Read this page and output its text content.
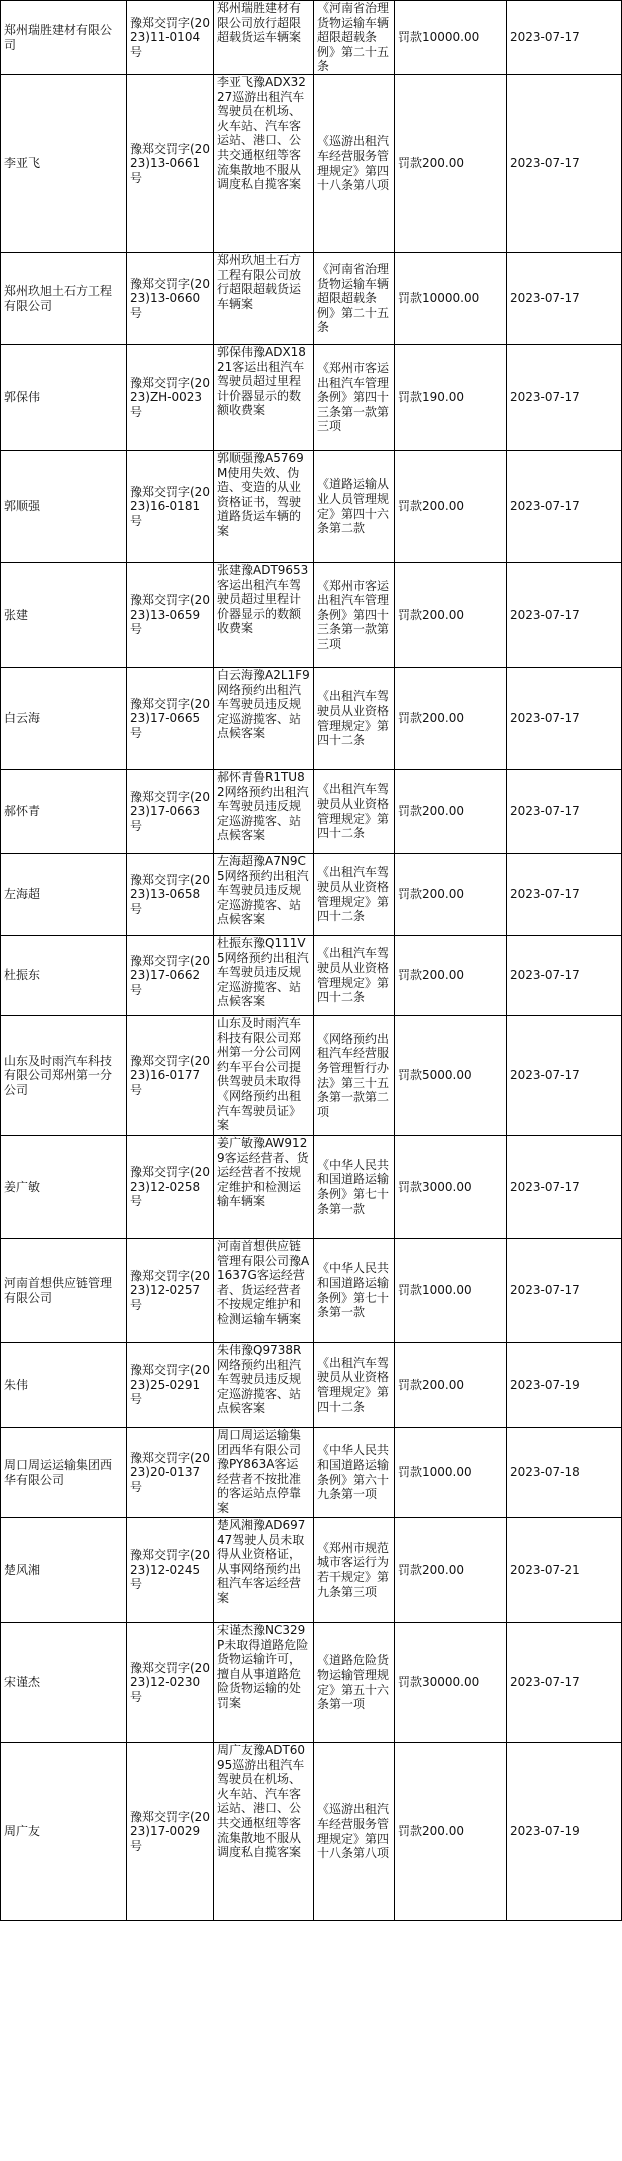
郑州瑞胜建材有限公司	豫郑交罚字(2023)11-0104号	郑州瑞胜建材有限公司放行超限超载货运车辆案	《河南省治理货物运输车辆超限超载条例》第二十五条	罚款10000.00	2023-07-17
李亚飞	豫郑交罚字(2023)13-0661号	李亚飞豫ADX3227巡游出租汽车驾驶员在机场、火车站、汽车客运站、港口、公共交通枢纽等客流集散地不服从调度私自揽客案	《巡游出租汽车经营服务管理规定》第四十八条第八项	罚款200.00	2023-07-17
郑州玖旭土石方工程有限公司	豫郑交罚字(2023)13-0660号	郑州玖旭土石方工程有限公司放行超限超载货运车辆案	《河南省治理货物运输车辆超限超载条例》第二十五条	罚款10000.00	2023-07-17
郭保伟	豫郑交罚字(2023)ZH-0023号	郭保伟豫ADX1821客运出租汽车驾驶员超过里程计价器显示的数额收费案	《郑州市客运出租汽车管理条例》第四十三条第一款第三项	罚款190.00	2023-07-17
郭顺强	豫郑交罚字(2023)16-0181号	郭顺强豫A5769M使用失效、伪造、变造的从业资格证书，驾驶道路货运车辆的案	《道路运输从业人员管理规定》第四十六条第二款	罚款200.00	2023-07-17
张建	豫郑交罚字(2023)13-0659号	张建豫ADT9653客运出租汽车驾驶员超过里程计价器显示的数额收费案	《郑州市客运出租汽车管理条例》第四十三条第一款第三项	罚款200.00	2023-07-17
白云海	豫郑交罚字(2023)17-0665号	白云海豫A2L1F9网络预约出租汽车驾驶员违反规定巡游揽客、站点候客案	《出租汽车驾驶员从业资格管理规定》第四十二条	罚款200.00	2023-07-17
郝怀青	豫郑交罚字(2023)17-0663号	郝怀青鲁R1TU82网络预约出租汽车驾驶员违反规定巡游揽客、站点候客案	《出租汽车驾驶员从业资格管理规定》第四十二条	罚款200.00	2023-07-17
左海超	豫郑交罚字(2023)13-0658号	左海超豫A7N9C5网络预约出租汽车驾驶员违反规定巡游揽客、站点候客案	《出租汽车驾驶员从业资格管理规定》第四十二条	罚款200.00	2023-07-17
杜振东	豫郑交罚字(2023)17-0662号	杜振东豫Q111V5网络预约出租汽车驾驶员违反规定巡游揽客、站点候客案	《出租汽车驾驶员从业资格管理规定》第四十二条	罚款200.00	2023-07-17
山东及时雨汽车科技有限公司郑州第一分公司	豫郑交罚字(2023)16-0177号	山东及时雨汽车科技有限公司郑州第一分公司网约车平台公司提供驾驶员未取得《网络预约出租汽车驾驶员证》案	《网络预约出租汽车经营服务管理暂行办法》第三十五条第一款第二项	罚款5000.00	2023-07-17
姜广敏	豫郑交罚字(2023)12-0258号	姜广敏豫AW9129客运经营者、货运经营者不按规定维护和检测运输车辆案	《中华人民共和国道路运输条例》第七十条第一款	罚款3000.00	2023-07-17
河南首想供应链管理有限公司	豫郑交罚字(2023)12-0257号	河南首想供应链管理有限公司豫A1637G客运经营者、货运经营者不按规定维护和检测运输车辆案	《中华人民共和国道路运输条例》第七十条第一款	罚款1000.00	2023-07-17
朱伟	豫郑交罚字(2023)25-0291号	朱伟豫Q9738R网络预约出租汽车驾驶员违反规定巡游揽客、站点候客案	《出租汽车驾驶员从业资格管理规定》第四十二条	罚款200.00	2023-07-19
周口周运运输集团西华有限公司	豫郑交罚字(2023)20-0137号	周口周运运输集团西华有限公司豫PY863A客运经营者不按批准的客运站点停靠案	《中华人民共和国道路运输条例》第六十九条第一项	罚款1000.00	2023-07-18
楚风湘	豫郑交罚字(2023)12-0245号	楚风湘豫AD69747驾驶人员未取得从业资格证，从事网络预约出租汽车客运经营案	《郑州市规范城市客运行为若干规定》第九条第三项	罚款200.00	2023-07-21
宋谨杰	豫郑交罚字(2023)12-0230号	宋谨杰豫NC329P未取得道路危险货物运输许可，擅自从事道路危险货物运输的处罚案	《道路危险货物运输管理规定》第五十六条第一项	罚款30000.00	2023-07-17
周广友	豫郑交罚字(2023)17-0029号	周广友豫ADT6095巡游出租汽车驾驶员在机场、火车站、汽车客运站、港口、公共交通枢纽等客流集散地不服从调度私自揽客案	《巡游出租汽车经营服务管理规定》第四十八条第八项	罚款200.00	2023-07-19
